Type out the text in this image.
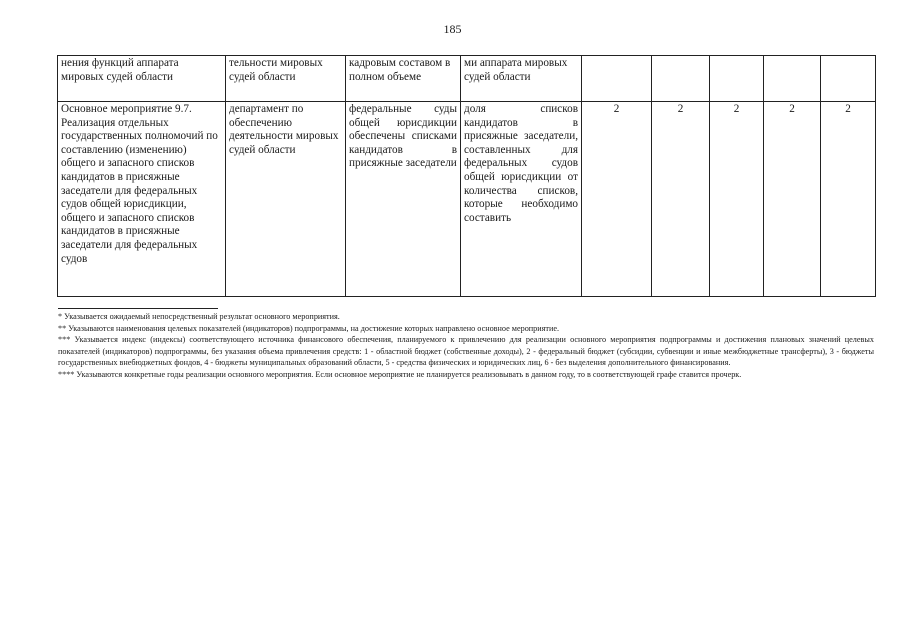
185
нения функций аппарата мировых судей области	тельности мировых судей области	кадровым составом в полном объеме	ми аппарата мировых судей области					

Основное мероприятие 9.7. Реализация отдельных государственных полномочий по составлению (изменению) общего и запасного списков кандидатов в присяжные заседатели для федеральных судов общей юрисдикции, общего и запасного списков кандидатов в присяжные заседатели для федеральных судов	департамент по обеспечению деятельности мировых судей области	федеральные суды общей юрисдикции обеспечены списками кандидатов в присяжные заседатели	доля списков кандидатов в присяжные заседатели, составленных для федеральных судов общей юрисдикции от количества списков, которые необходимо составить	2	2	2	2	2
* Указывается ожидаемый непосредственный результат основного мероприятия.
** Указываются наименования целевых показателей (индикаторов) подпрограммы, на достижение которых направлено основное мероприятие.
*** Указывается индекс (индексы) соответствующего источника финансового обеспечения, планируемого к привлечению для реализации основного мероприятия подпрограммы и достижения плановых значений целевых показателей (индикаторов) подпрограммы, без указания объема привлечения средств: 1 - областной бюджет (собственные доходы), 2 - федеральный бюджет (субсидии, субвенции и иные межбюджетные трансферты), 3 - бюджеты государственных внебюджетных фондов, 4 - бюджеты муниципальных образований области, 5 - средства физических и юридических лиц, 6 - без выделения дополнительного финансирования.
**** Указываются конкретные годы реализации основного мероприятия. Если основное мероприятие не планируется реализовывать в данном году, то в соответствующей графе ставится прочерк.
